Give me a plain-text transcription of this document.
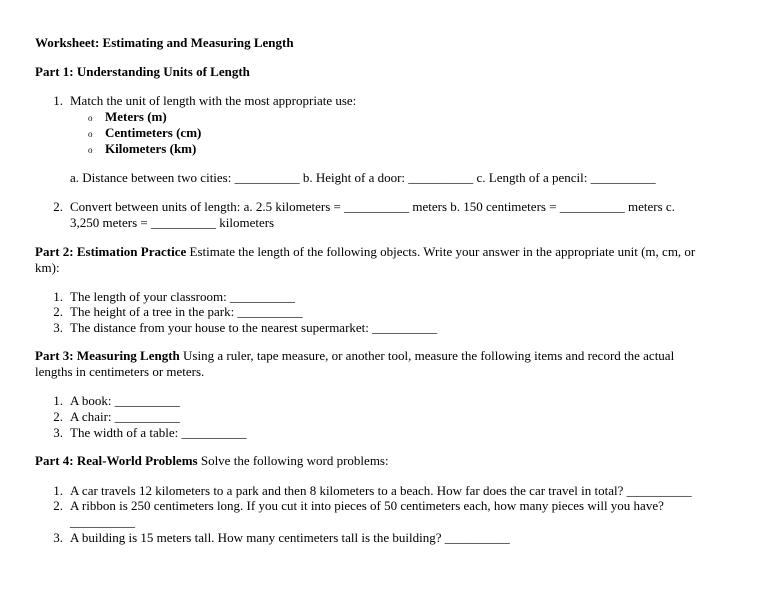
Worksheet: Estimating and Measuring Length
Part 1: Understanding Units of Length
1. Match the unit of length with the most appropriate use:
o Meters (m)
o Centimeters (cm)
o Kilometers (km)
a. Distance between two cities: __________ b. Height of a door: __________ c. Length of a pencil: __________
2. Convert between units of length: a. 2.5 kilometers = __________ meters b. 150 centimeters = __________ meters c.
3,250 meters = __________ kilometers
Part 2: Estimation Practice Estimate the length of the following objects. Write your answer in the appropriate unit (m, cm, or
km):
1. The length of your classroom: __________
2. The height of a tree in the park: __________
3. The distance from your house to the nearest supermarket: __________
Part 3: Measuring Length Using a ruler, tape measure, or another tool, measure the following items and record the actual
lengths in centimeters or meters.
1. A book: __________
2. A chair: __________
3. The width of a table: __________
Part 4: Real-World Problems Solve the following word problems:
1. A car travels 12 kilometers to a park and then 8 kilometers to a beach. How far does the car travel in total? __________
2. A ribbon is 250 centimeters long. If you cut it into pieces of 50 centimeters each, how many pieces will you have?
__________
3. A building is 15 meters tall. How many centimeters tall is the building? __________
